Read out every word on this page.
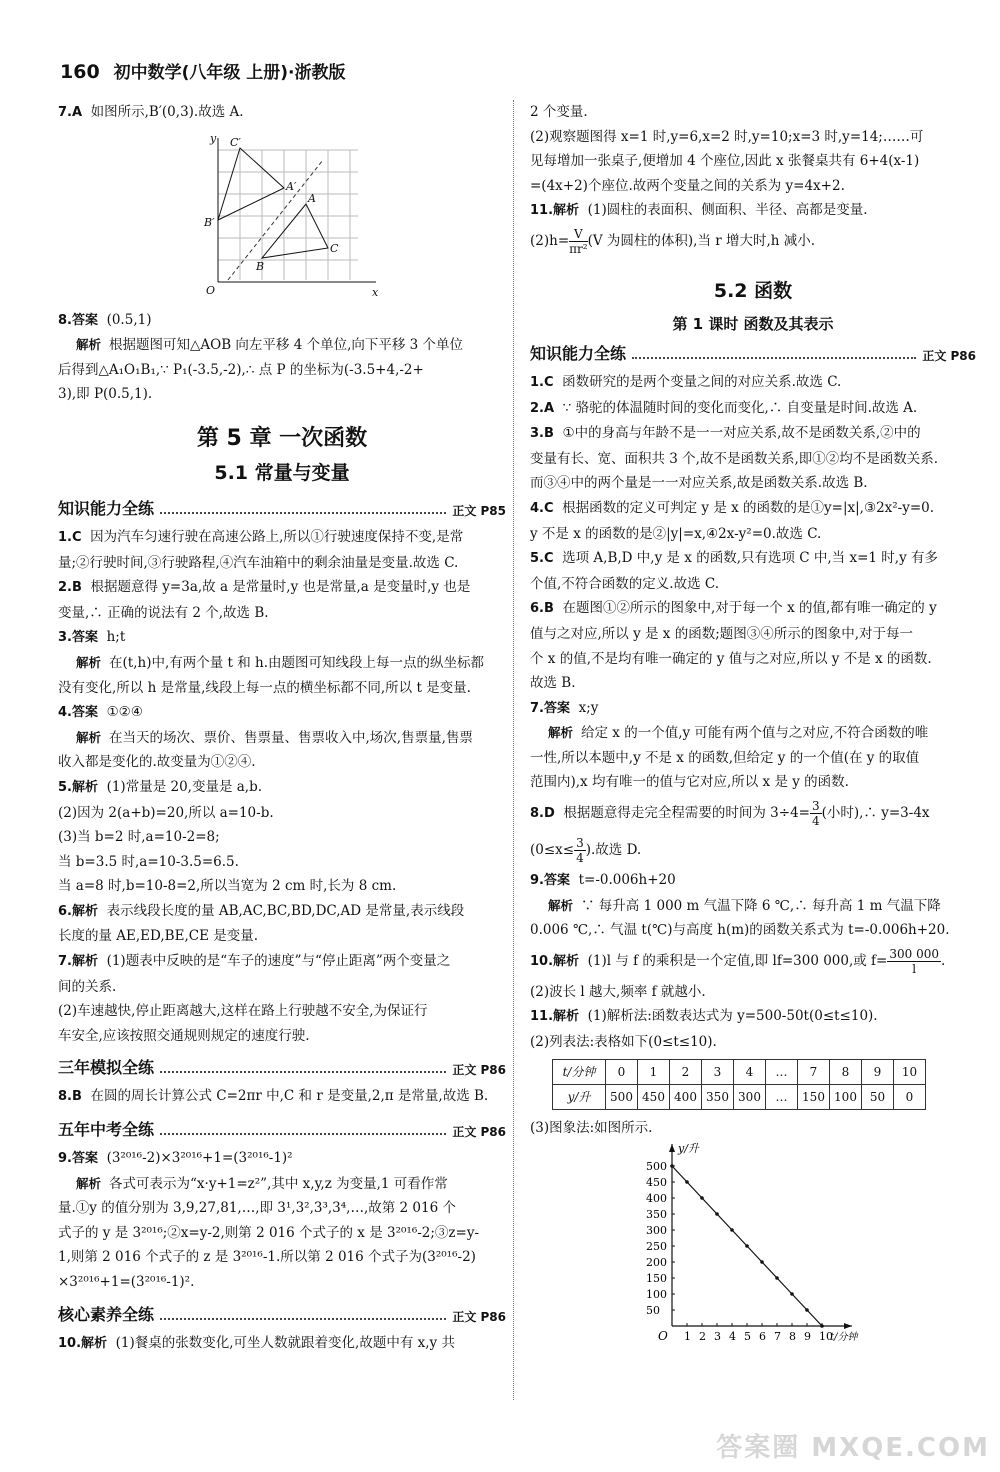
160 初中数学(八年级 上册)·浙教版

7.A 如图所示,B′(0,3).故选 A.

y C′
A′
A
B′
C
B
O	x

8.答案 (0.5,1)

解析 根据题图可知△AOB 向左平移 4 个单位,向下平移 3 个单位

后得到△A₁O₁B₁,∵ P₁(-3.5,-2),∴ 点 P 的坐标为(-3.5+4,-2+

3),即 P(0.5,1).

第 5 章 一次函数
5.1 常量与变量
知识能力全练	正文 P85

1.C 因为汽车匀速行驶在高速公路上,所以①行驶速度保持不变,是常

量;②行驶时间,③行驶路程,④汽车油箱中的剩余油量是变量.故选 C.

2.B 根据题意得 y=3a,故 a 是常量时,y 也是常量,a 是变量时,y 也是

变量,∴ 正确的说法有 2 个,故选 B.

3.答案 h;t

解析 在(t,h)中,有两个量 t 和 h.由题图可知线段上每一点的纵坐标都

没有变化,所以 h 是常量,线段上每一点的横坐标都不同,所以 t 是变量.

4.答案 ①②④

解析 在当天的场次、票价、售票量、售票收入中,场次,售票量,售票

收入都是变化的.故变量为①②④.

5.解析 (1)常量是 20,变量是 a,b.

(2)因为 2(a+b)=20,所以 a=10-b.

(3)当 b=2 时,a=10-2=8;

当 b=3.5 时,a=10-3.5=6.5.

当 a=8 时,b=10-8=2,所以当宽为 2 cm 时,长为 8 cm.

6.解析 表示线段长度的量 AB,AC,BC,BD,DC,AD 是常量,表示线段

长度的量 AE,ED,BE,CE 是变量.

7.解析 (1)题表中反映的是“车子的速度”与“停止距离”两个变量之

间的关系.

(2)车速越快,停止距离越大,这样在路上行驶越不安全,为保证行

车安全,应该按照交通规则规定的速度行驶.

三年模拟全练	正文 P86

8.B 在圆的周长计算公式 C=2πr 中,C 和 r 是变量,2,π 是常量,故选 B.

五年中考全练	正文 P86

9.答案 (3²⁰¹⁶-2)×3²⁰¹⁶+1=(3²⁰¹⁶-1)²

解析 各式可表示为“x·y+1=z²”,其中 x,y,z 为变量,1 可看作常

量.①y 的值分别为 3,9,27,81,…,即 3¹,3²,3³,3⁴,…,故第 2 016 个

式子的 y 是 3²⁰¹⁶;②x=y-2,则第 2 016 个式子的 x 是 3²⁰¹⁶-2;③z=y-

1,则第 2 016 个式子的 z 是 3²⁰¹⁶-1.所以第 2 016 个式子为(3²⁰¹⁶-2)

×3²⁰¹⁶+1=(3²⁰¹⁶-1)².

核心素养全练	正文 P86

10.解析 (1)餐桌的张数变化,可坐人数就跟着变化,故题中有 x,y 共

2 个变量.

(2)观察题图得 x=1 时,y=6,x=2 时,y=10;x=3 时,y=14;……可

见每增加一张桌子,便增加 4 个座位,因此 x 张餐桌共有 6+4(x-1)

=(4x+2)个座位.故两个变量之间的关系为 y=4x+2.

11.解析 (1)圆柱的表面积、侧面积、半径、高都是变量.

$(2)h= \frac{V}{\text{πr²}} (V$ 为圆柱的体积),当 r 增大时,h 减小.

5.2 函数
第 1 课时 函数及其表示
知识能力全练	正文 P86

1.C 函数研究的是两个变量之间的对应关系.故选 C.

2.A ∵ 骆驼的体温随时间的变化而变化,∴ 自变量是时间.故选 A.

3.B ①中的身高与年龄不是一一对应关系,故不是函数关系,②中的

变量有长、宽、面积共 3 个,故不是函数关系,即①②均不是函数关系.

而③④中的两个量是一一对应关系,故是函数关系.故选 B.

4.C 根据函数的定义可判定 y 是 x 的函数的是①y=|x|,③2x²-y=0.

y 不是 x 的函数的是②|y|=x,④2x-y²=0.故选 C.

5.C 选项 A,B,D 中,y 是 x 的函数,只有选项 C 中,当 x=1 时,y 有多

个值,不符合函数的定义.故选 C.

6.B 在题图①②所示的图象中,对于每一个 x 的值,都有唯一确定的 y

值与之对应,所以 y 是 x 的函数;题图③④所示的图象中,对于每一

个 x 的值,不是均有唯一确定的 y 值与之对应,所以 y 不是 x 的函数.

故选 B.

7.答案 x;y

解析 给定 x 的一个值,y 可能有两个值与之对应,不符合函数的唯

一性,所以本题中,y 不是 x 的函数,但给定 y 的一个值(在 y 的取值

范围内),x 均有唯一的值与它对应,所以 x 是 y 的函数.

8.D 根据题意得走完全程需要的时间为 $3\div 4= \frac{3}{4}$ (小时),∴ y=3-4x

($0\le x\le \frac{3}{4}$ ).故选 D.

9.答案 t=-0.006h+20

解析 ∵ 每升高 1 000 m 气温下降 6 ℃,∴ 每升高 1 m 气温下降

0.006 ℃,∴ 气温 t(℃)与高度 h(m)的函数关系式为 t=-0.006h+20.

10.解析 (1)l 与 f 的乘积是一个定值,即 lf=300 000,或 $f= \frac{300 000}{l}$ .

(2)波长 l 越大,频率 f 就越小.

11.解析 (1)解析法:函数表达式为 y=500-50t(0≤t≤10).

(2)列表法:表格如下(0≤t≤10).

t/分钟	0	1	2	3	4	…	7	8	9	10
y/升	500	450	400	350	300	…	150	100	50	0

(3)图象法:如图所示.

y/升
t/分钟
O 1 2 3 4 5 6 7 8 9 10
50
100
150
200
250
300
350
400
450
500
答案圈 MXQE.COM
